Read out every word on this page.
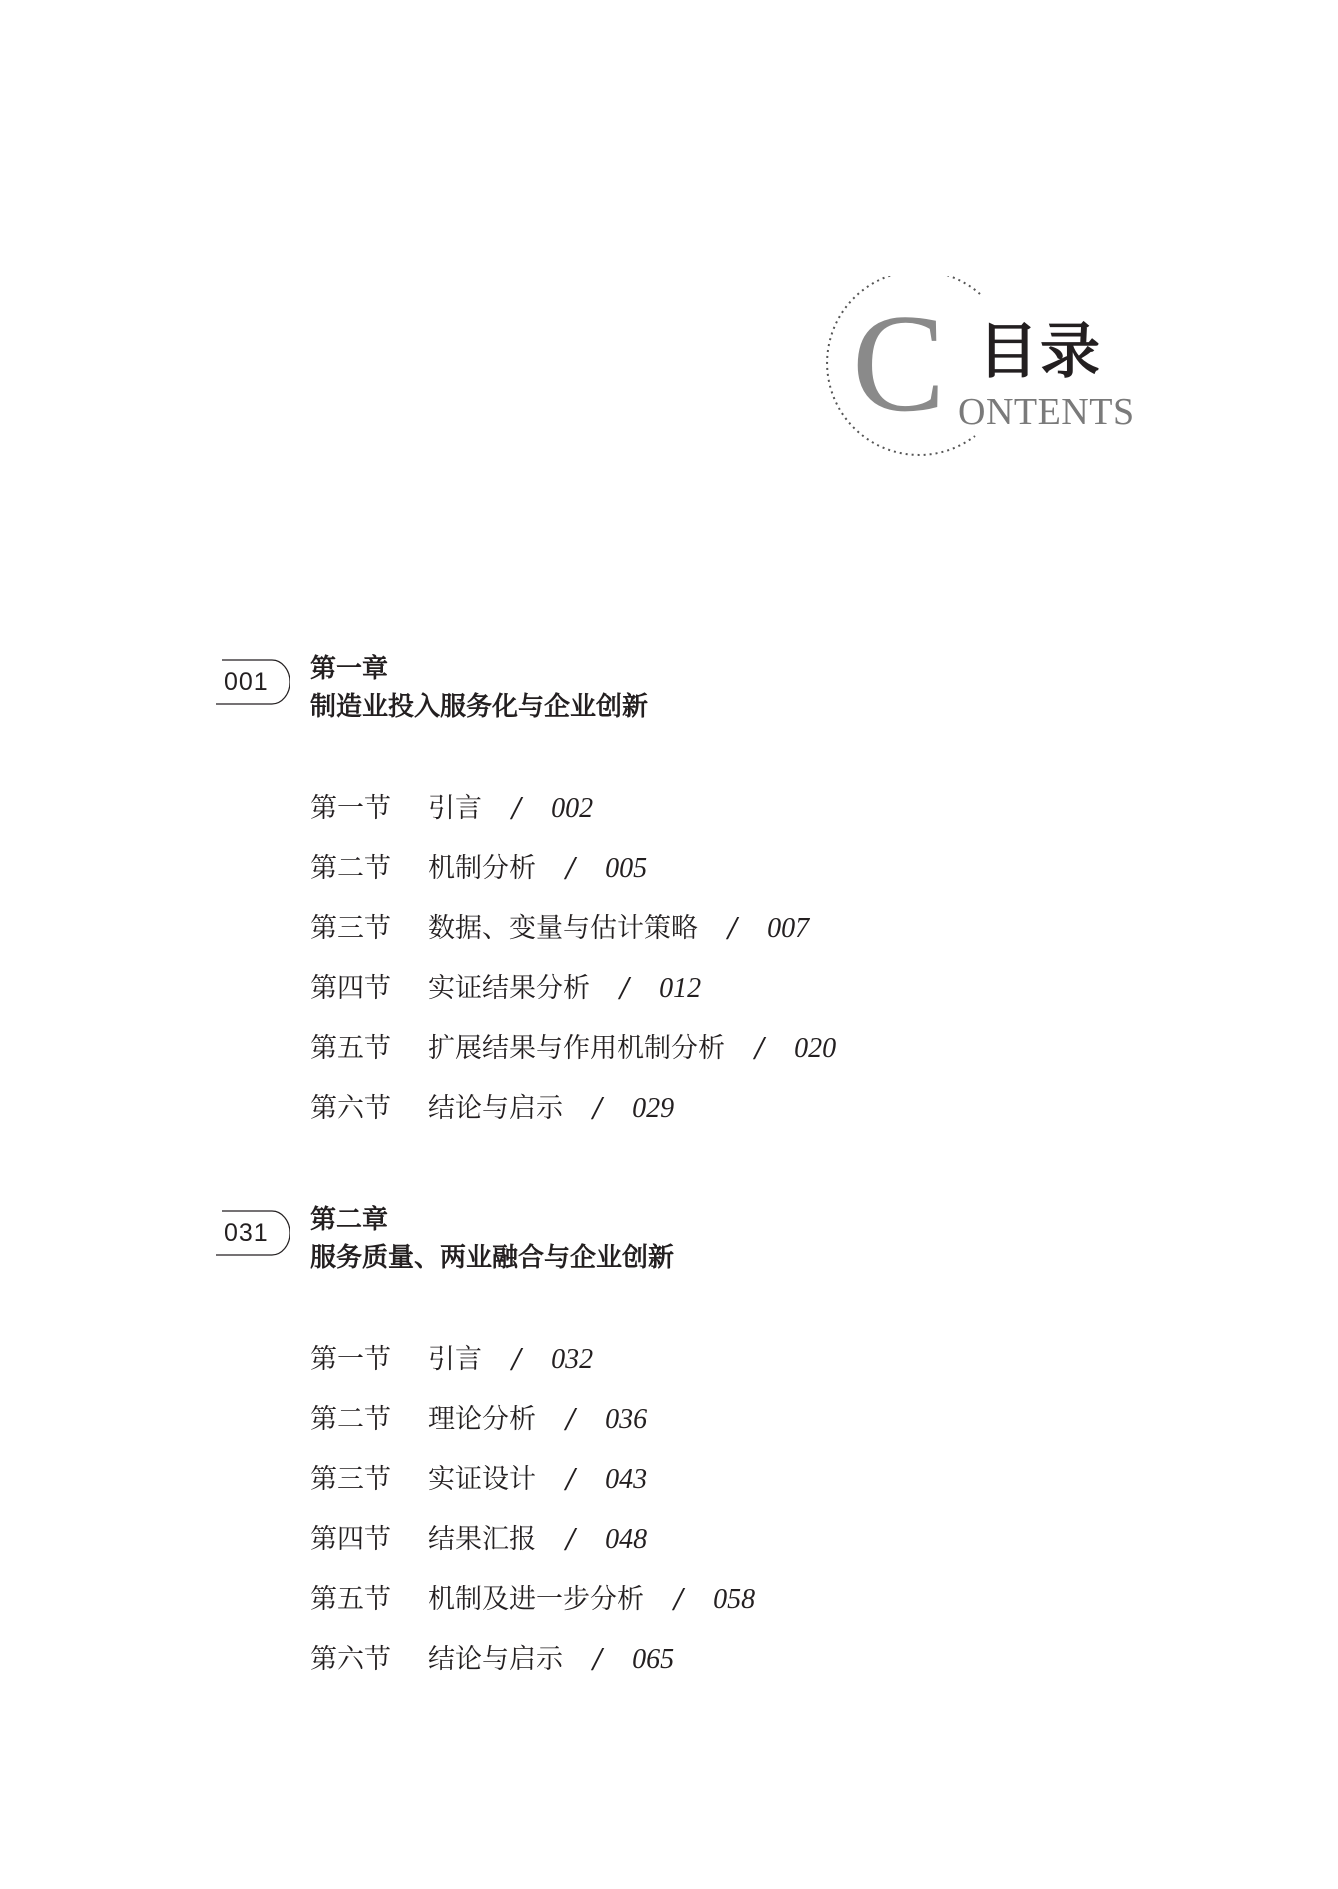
C 目录
ONTENTS
001 第一章
制造业投入服务化与企业创新
第一节	引言 / 002
第二节	机制分析 / 005
第三节	数据、变量与估计策略 / 007
第四节	实证结果分析 / 012
第五节	扩展结果与作用机制分析 / 020
第六节	结论与启示 / 029
031 第二章
服务质量、两业融合与企业创新
第一节	引言 / 032
第二节	理论分析 / 036
第三节	实证设计 / 043
第四节	结果汇报 / 048
第五节	机制及进一步分析 / 058
第六节	结论与启示 / 065
